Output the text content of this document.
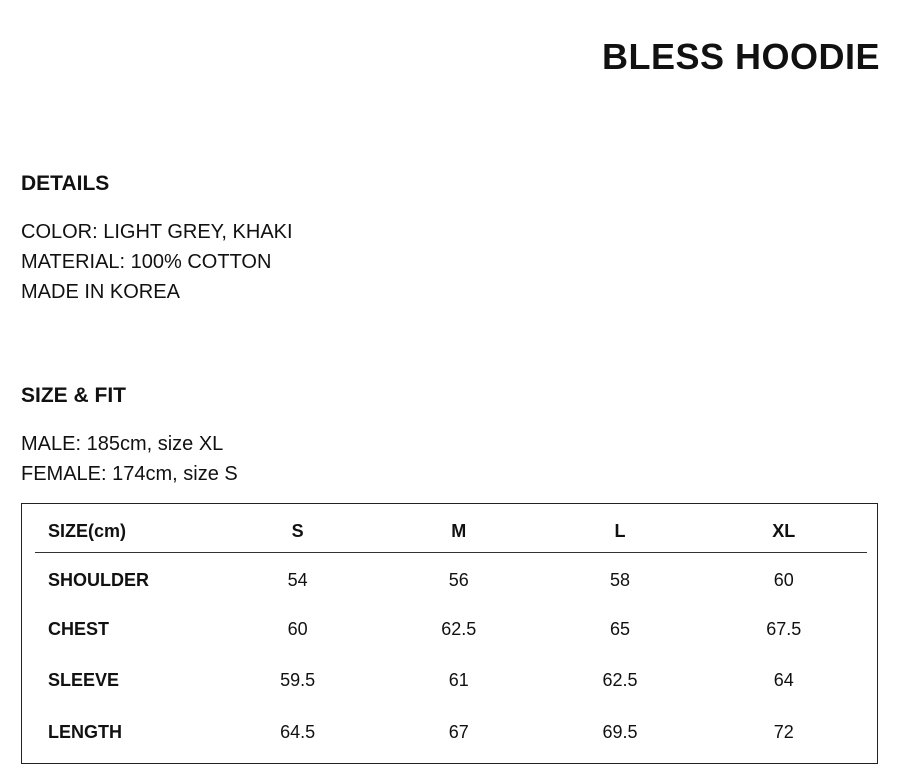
BLESS HOODIE
DETAILS
COLOR: LIGHT GREY, KHAKI
MATERIAL: 100% COTTON
MADE IN KOREA
SIZE & FIT
MALE: 185cm, size XL
FEMALE: 174cm, size S
SIZE(cm)	S	M	L	XL
SHOULDER	54	56	58	60
CHEST	60	62.5	65	67.5
SLEEVE	59.5	61	62.5	64
LENGTH	64.5	67	69.5	72
